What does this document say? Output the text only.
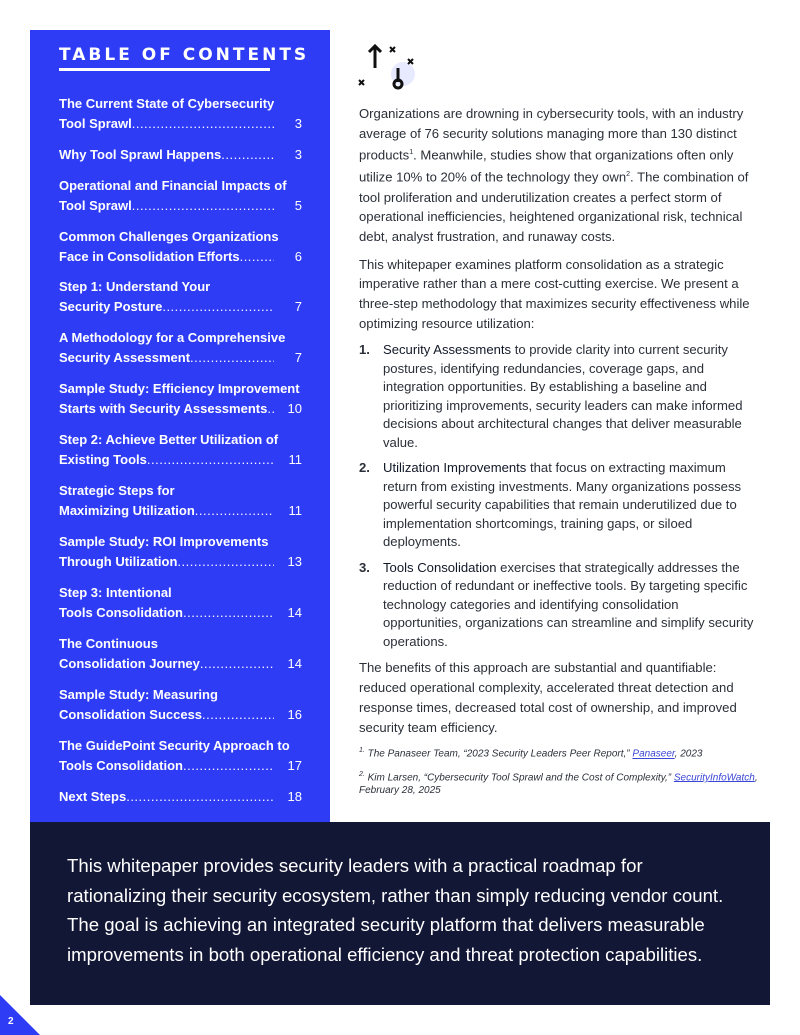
TABLE OF CONTENTS
The Current State of Cybersecurity
Tool Sprawl .....	3
Why Tool Sprawl Happens .....	3
Operational and Financial Impacts of
Tool Sprawl .....	5
Common Challenges Organizations
Face in Consolidation Efforts .....	6
Step 1: Understand Your
Security Posture .....	7
A Methodology for a Comprehensive
Security Assessment .....	7
Sample Study: Efficiency Improvement
Starts with Security Assessments .....	10
Step 2: Achieve Better Utilization of
Existing Tools .....	11
Strategic Steps for
Maximizing Utilization .....	11
Sample Study: ROI Improvements
Through Utilization .....	13
Step 3: Intentional
Tools Consolidation .....	14
The Continuous
Consolidation Journey .....	14
Sample Study: Measuring
Consolidation Success .....	16
The GuidePoint Security Approach to
Tools Consolidation .....	17
Next Steps .....	18

Organizations are drowning in cybersecurity tools, with an industry average of 76 security solutions managing more than 130 distinct products$^1$. Meanwhile, studies show that organizations often only utilize 10% to 20% of the technology they own$^2$. The combination of tool proliferation and underutilization creates a perfect storm of operational inefficiencies, heightened organizational risk, technical debt, analyst frustration, and runaway costs.

This whitepaper examines platform consolidation as a strategic imperative rather than a mere cost-cutting exercise. We present a three-step methodology that maximizes security effectiveness while optimizing resource utilization:

1. Security Assessments to provide clarity into current security postures, identifying redundancies, coverage gaps, and integration opportunities. By establishing a baseline and prioritizing improvements, security leaders can make informed decisions about architectural changes that deliver measurable value.
2. Utilization Improvements that focus on extracting maximum return from existing investments. Many organizations possess powerful security capabilities that remain underutilized due to implementation shortcomings, training gaps, or siloed deployments.
3. Tools Consolidation exercises that strategically addresses the reduction of redundant or ineffective tools. By targeting specific technology categories and identifying consolidation opportunities, organizations can streamline and simplify security operations.

The benefits of this approach are substantial and quantifiable: reduced operational complexity, accelerated threat detection and response times, decreased total cost of ownership, and improved security team efficiency.

$^{1.}$ The Panaseer Team, “2023 Security Leaders Peer Report,” Panaseer, 2023
$^{2.}$ Kim Larsen, “Cybersecurity Tool Sprawl and the Cost of Complexity,” SecurityInfoWatch, February 28, 2025
This whitepaper provides security leaders with a practical roadmap for rationalizing their security ecosystem, rather than simply reducing vendor count. The goal is achieving an integrated security platform that delivers measurable improvements in both operational efficiency and threat protection capabilities.
2
